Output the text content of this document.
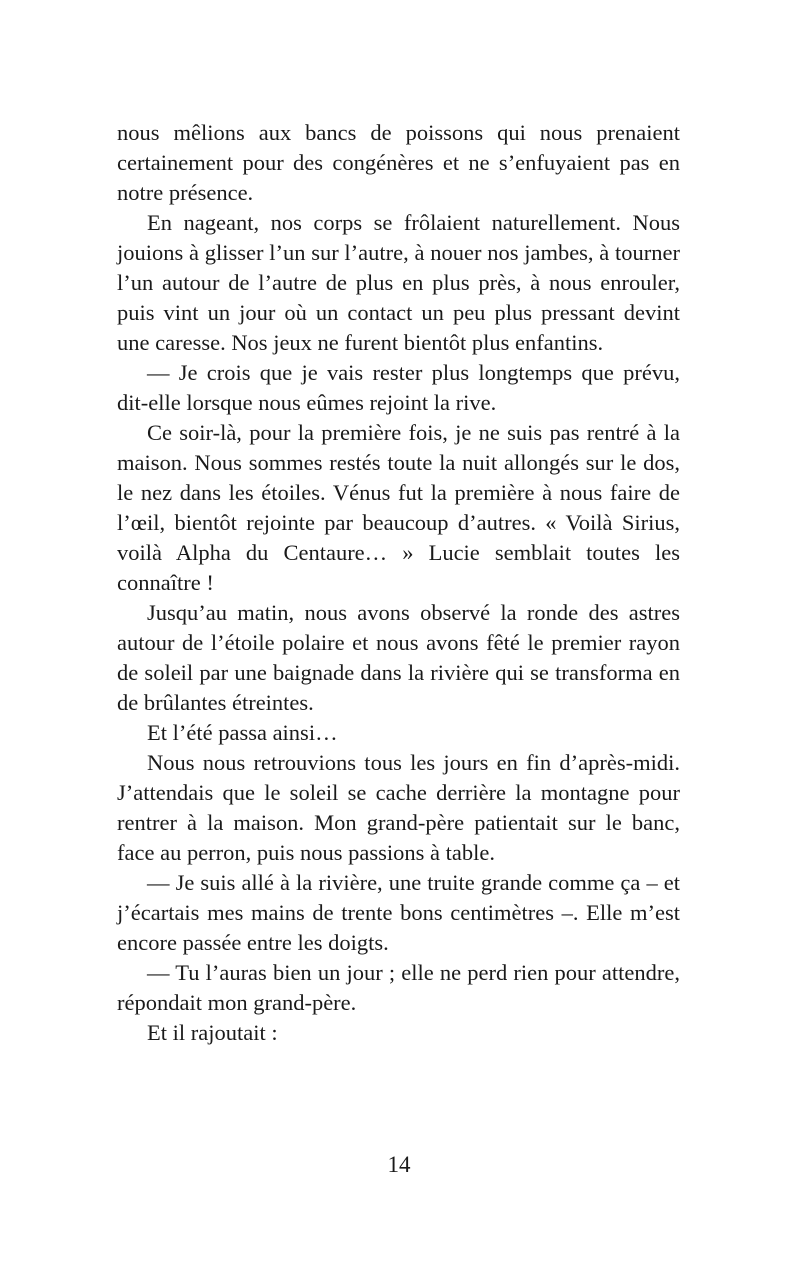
nous mêlions aux bancs de poissons qui nous prenaient certainement pour des congénères et ne s’enfuyaient pas en notre présence.

En nageant, nos corps se frôlaient naturellement. Nous jouions à glisser l’un sur l’autre, à nouer nos jambes, à tourner l’un autour de l’autre de plus en plus près, à nous enrouler, puis vint un jour où un contact un peu plus pressant devint une caresse. Nos jeux ne furent bientôt plus enfantins.

— Je crois que je vais rester plus longtemps que prévu, dit-elle lorsque nous eûmes rejoint la rive.

Ce soir-là, pour la première fois, je ne suis pas rentré à la maison. Nous sommes restés toute la nuit allongés sur le dos, le nez dans les étoiles. Vénus fut la première à nous faire de l’œil, bientôt rejointe par beaucoup d’autres. « Voilà Sirius, voilà Alpha du Centaure… » Lucie semblait toutes les connaître !

Jusqu’au matin, nous avons observé la ronde des astres autour de l’étoile polaire et nous avons fêté le premier rayon de soleil par une baignade dans la rivière qui se transforma en de brûlantes étreintes.

Et l’été passa ainsi…

Nous nous retrouvions tous les jours en fin d’après-midi. J’attendais que le soleil se cache derrière la montagne pour rentrer à la maison. Mon grand-père patientait sur le banc, face au perron, puis nous passions à table.

— Je suis allé à la rivière, une truite grande comme ça – et j’écartais mes mains de trente bons centimètres –. Elle m’est encore passée entre les doigts.

— Tu l’auras bien un jour ; elle ne perd rien pour attendre, répondait mon grand-père.

Et il rajoutait :

14
